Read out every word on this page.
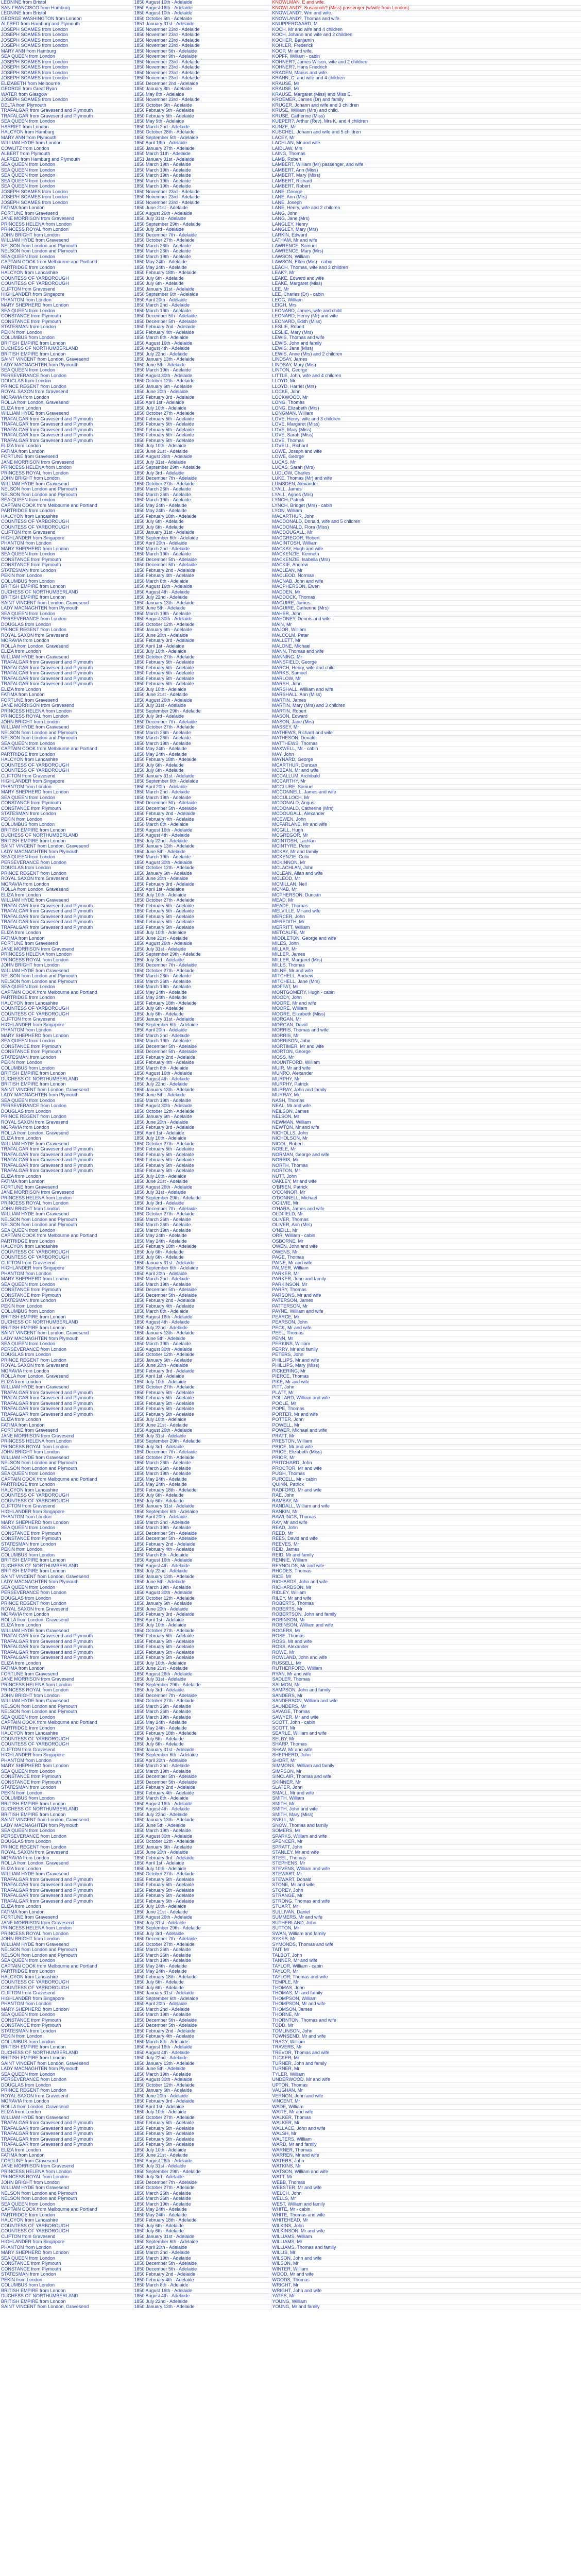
LEONINE from Bristol	1850 August 10th - Adelaide	KNOWLMAN, E and wife.
SAN FRANCISCO from Hamburg	1850 August 16th - Adelaide	KNOWLAND?, Susannah? (Miss) passenger (w/wife from London)
LEONINE from Bristol	1850 August 10th - Adelaide	KNOWLAND?, Wm and wife.
GEORGE WASHINGTON from London	1850 October 5th - Adelaide	KNOWLAND?, Thomas and wife.
ALFRED from Hamburg and Plymouth	1851 January 31st - Adelaide	KNUPPERGAARD, M.
JOSEPH SOAMES from London	1850 November 23rd - Adelaide	KOCH, Mr and wife and 4 children
JOSEPH SOAMES from London	1850 November 23rd - Adelaide	KOCH, Johann and wife and 2 children
JOSEPH SOAMES from London	1850 November 23rd - Adelaide	KOCHER, Benjamin
JOSEPH SOAMES from London	1850 November 23rd - Adelaide	KOHLER, Frederick
MARY ANN from Hamburg	1850 November 5th - Adelaide	KOOP, Mr and wife.
SEA QUEEN from London	1850 November 9th - Adelaide	KOPFF, William - cabin
JOSEPH SOAMES from London	1850 November 23rd - Adelaide	KOHNER?, James Wilson, wife and 2 children
JOSEPH SOAMES from London	1850 November 23rd - Adelaide	KOHNER?, Hans Friedrich
JOSEPH SOAMES from London	1850 November 23rd - Adelaide	KRAGEN, Marius and wife.
JOSEPH SOAMES from London	1850 November 23rd - Adelaide	KRAHN, C. and wife and 4 children
ELIZABETH from Melbourne	1850 December 2nd - Adelaide	KRAUSE, Mr
GEORGE from Great Ryan	1850 January 8th - Adelaide	KRAUSE, Mr
WATER from Glasgow	1850 May 8th - Adelaide	KRAUSE, Margaret (Miss) and Miss E.
JOSEPH SOAMES from London	1850 November 23rd - Adelaide	KROEMER, James (Dr) and family
DELTA from Plymouth	1850 October 5th - Adelaide	KRUGER, Johann and wife and 3 children
TRAFALGAR from Gravesend and Plymouth	1850 February 5th - Adelaide	KRUSE, William (Mrs) and child.
TRAFALGAR from Gravesend and Plymouth	1850 February 5th - Adelaide	KRUSE, Catherine (Miss)
SEA QUEEN from London	1850 May 9th - Adelaide	KUEPER?, Arthur (Rev), Mrs K. and 4 children
HARRIET from London	1850 March 2nd - Adelaide	KUNZE, Mr
HALCYON from Hamburg	1850 October 28th - Adelaide	KUSCHEL, Johann and wife and 5 children
MARY ANN from Plymouth	1850 September 5th - Adelaide	LACEY, Mr
WILLIAM HYDE from London	1850 April 19th - Adelaide	LACHLAN, Mr and wife.
COWLITZ from London	1850 January 27th - Adelaide	LAIDLAW, Mrs
ALBERT from Plymouth	1850 March 11th - Adelaide	LAING, Thomas
ALFRED from Hamburg and Plymouth	1851 January 31st - Adelaide	LAMB, Robert
SEA QUEEN from London	1850 March 19th - Adelaide	LAMBERT, William (Mr) passenger, and wife
SEA QUEEN from London	1850 March 19th - Adelaide	LAMBERT, Ann (Miss)
SEA QUEEN from London	1850 March 19th - Adelaide	LAMBERT, Mary (Miss)
SEA QUEEN from London	1850 March 19th - Adelaide	LAMBERT, Richard
SEA QUEEN from London	1850 March 19th - Adelaide	LAMBERT, Robert
JOSEPH SOAMES from London	1850 November 23rd - Adelaide	LANE, George
JOSEPH SOAMES from London	1850 November 23rd - Adelaide	LANE, Ann (Mrs)
JOSEPH SOAMES from London	1850 November 23rd - Adelaide	LANE, Joseph
FATIMA from London	1850 June 21st - Adelaide	LANE, Henry, wife and 2 children
FORTUNE from Gravesend	1850 August 26th - Adelaide	LANG, John
JANE MORRISON from Gravesend	1850 July 31st - Adelaide	LANG, Jane (Mrs)
PRINCESS HELENA from London	1850 September 29th - Adelaide	LANGLEY, Henry
PRINCESS ROYAL from London	1850 July 3rd - Adelaide	LANGLEY, Mary (Mrs)
JOHN BRIGHT from London	1850 December 7th - Adelaide	LARKIN, Edward
WILLIAM HYDE from Gravesend	1850 October 27th - Adelaide	LATHAM, Mr and wife
NELSON from London and Plymouth	1850 March 26th - Adelaide	LAWRENCE, Samuel
NELSON from London and Plymouth	1850 March 26th - Adelaide	LAWRENCE, Mary (Mrs)
SEA QUEEN from London	1850 March 19th - Adelaide	LAWSON, William
CAPTAIN COOK from Melbourne and Portland	1850 May 24th - Adelaide	LAWSON, Ellen (Mrs) - cabin
PARTRIDGE from London	1850 May 24th - Adelaide	LEACH, Thomas, wife and 3 children
HALCYON from Lancashire	1850 February 18th - Adelaide	LEAK?, Mr
COUNTESS OF YARBOROUGH	1850 July 6th - Adelaide	LEAKE, Edward and wife
COUNTESS OF YARBOROUGH	1850 July 6th - Adelaide	LEAKE, Margaret (Miss)
CLIFTON from Gravesend	1850 January 31st - Adelaide	LEE, Mr
HIGHLANDER from Singapore	1850 September 6th - Adelaide	LEE, Charles (Dr) - cabin
PHANTOM from London	1850 April 20th - Adelaide	LEGG, William
MARY SHEPHERD from London	1850 March 2nd - Adelaide	LEIGH, Mrs
SEA QUEEN from London	1850 March 19th - Adelaide	LEONARD, James, wife and child
CONSTANCE from Plymouth	1850 December 5th - Adelaide	LEONARD, Henry (Mr) and wife
CONSTANCE from Plymouth	1850 December 5th - Adelaide	LEONARD, Edith (Miss)
STATESMAN from London	1850 February 2nd - Adelaide	LESLIE, Robert
PEKIN from London	1850 February 4th - Adelaide	LESLIE, Mary (Mrs)
COLUMBUS from London	1850 March 8th - Adelaide	LEWIS, Thomas and wife
BRITISH EMPIRE from London	1850 August 16th - Adelaide	LEWIS, John and family
DUCHESS OF NORTHUMBERLAND	1850 August 4th - Adelaide	LEWIS, Jane (Miss)
BRITISH EMPIRE from London	1850 July 22nd - Adelaide	LEWIS, Anne (Mrs) and 2 children
SAINT VINCENT from London, Gravesend	1850 January 13th - Adelaide	LINDSAY, James
LADY MACNAGHTEN from Plymouth	1850 June 5th - Adelaide	LINDSAY, Mary (Mrs)
SEA QUEEN from London	1850 March 19th - Adelaide	LINTON, George
PERSEVERANCE from London	1850 August 30th - Adelaide	LITTLE, John, wife and 4 children
DOUGLAS from London	1850 October 12th - Adelaide	LLOYD, Mr
PRINCE REGENT from London	1850 January 6th - Adelaide	LLOYD, Harriet (Mrs)
ROYAL SAXON from Gravesend	1850 June 20th - Adelaide	LOCKE, John
MORAVIA from London	1850 February 3rd - Adelaide	LOCKWOOD, Mr
ROLLA from London, Gravesend	1850 April 1st - Adelaide	LONG, Thomas
ELIZA from London	1850 July 10th - Adelaide	LONG, Elizabeth (Mrs)
WILLIAM HYDE from Gravesend	1850 October 27th - Adelaide	LONGMAN, William
TRAFALGAR from Gravesend and Plymouth	1850 February 5th - Adelaide	LOVE, Henry, wife and 3 children
TRAFALGAR from Gravesend and Plymouth	1850 February 5th - Adelaide	LOVE, Margaret (Miss)
TRAFALGAR from Gravesend and Plymouth	1850 February 5th - Adelaide	LOVE, Mary (Miss)
TRAFALGAR from Gravesend and Plymouth	1850 February 5th - Adelaide	LOVE, Sarah (Miss)
TRAFALGAR from Gravesend and Plymouth	1850 February 5th - Adelaide	LOVE, Thomas
ELIZA from London	1850 July 10th - Adelaide	LOVELL, Richard
FATIMA from London	1850 June 21st - Adelaide	LOWE, Joseph and wife
FORTUNE from Gravesend	1850 August 26th - Adelaide	LOWE, George
JANE MORRISON from Gravesend	1850 July 31st - Adelaide	LUCAS, Mr
PRINCESS HELENA from London	1850 September 29th - Adelaide	LUCAS, Sarah (Mrs)
PRINCESS ROYAL from London	1850 July 3rd - Adelaide	LUDLOW, Charles
JOHN BRIGHT from London	1850 December 7th - Adelaide	LUKE, Thomas (Mr) and wife
WILLIAM HYDE from Gravesend	1850 October 27th - Adelaide	LUMSDEN, Alexander
NELSON from London and Plymouth	1850 March 26th - Adelaide	LYALL, James
NELSON from London and Plymouth	1850 March 26th - Adelaide	LYALL, Agnes (Mrs)
SEA QUEEN from London	1850 March 19th - Adelaide	LYNCH, Patrick
CAPTAIN COOK from Melbourne and Portland	1850 May 24th - Adelaide	LYNCH, Bridget (Mrs) - cabin
PARTRIDGE from London	1850 May 24th - Adelaide	LYON, William
HALCYON from Lancashire	1850 February 18th - Adelaide	MACARTHUR, John
COUNTESS OF YARBOROUGH	1850 July 6th - Adelaide	MACDONALD, Donald, wife and 5 children
COUNTESS OF YARBOROUGH	1850 July 6th - Adelaide	MACDONALD, Flora (Miss)
CLIFTON from Gravesend	1850 January 31st - Adelaide	MACDOUGALL, Mr
HIGHLANDER from Singapore	1850 September 6th - Adelaide	MACGREGOR, Robert
PHANTOM from London	1850 April 20th - Adelaide	MACINTOSH, William
MARY SHEPHERD from London	1850 March 2nd - Adelaide	MACKAY, Hugh and wife
SEA QUEEN from London	1850 March 19th - Adelaide	MACKENZIE, Kenneth
CONSTANCE from Plymouth	1850 December 5th - Adelaide	MACKENZIE, Isabella (Mrs)
CONSTANCE from Plymouth	1850 December 5th - Adelaide	MACKIE, Andrew
STATESMAN from London	1850 February 2nd - Adelaide	MACLEAN, Mr
PEKIN from London	1850 February 4th - Adelaide	MACLEOD, Norman
COLUMBUS from London	1850 March 8th - Adelaide	MACNAB, John and wife
BRITISH EMPIRE from London	1850 August 16th - Adelaide	MACPHERSON, Ewen
DUCHESS OF NORTHUMBERLAND	1850 August 4th - Adelaide	MADDEN, Mr
BRITISH EMPIRE from London	1850 July 22nd - Adelaide	MADDOCK, Thomas
SAINT VINCENT from London, Gravesend	1850 January 13th - Adelaide	MAGUIRE, James
LADY MACNAGHTEN from Plymouth	1850 June 5th - Adelaide	MAGUIRE, Catherine (Mrs)
SEA QUEEN from London	1850 March 19th - Adelaide	MAHER, John
PERSEVERANCE from London	1850 August 30th - Adelaide	MAHONEY, Dennis and wife
DOUGLAS from London	1850 October 12th - Adelaide	MAIN, Mr
PRINCE REGENT from London	1850 January 6th - Adelaide	MAJOR, William
ROYAL SAXON from Gravesend	1850 June 20th - Adelaide	MALCOLM, Peter
MORAVIA from London	1850 February 3rd - Adelaide	MALLETT, Mr
ROLLA from London, Gravesend	1850 April 1st - Adelaide	MALONE, Michael
ELIZA from London	1850 July 10th - Adelaide	MANN, Thomas and wife
WILLIAM HYDE from Gravesend	1850 October 27th - Adelaide	MANNING, Mr
TRAFALGAR from Gravesend and Plymouth	1850 February 5th - Adelaide	MANSFIELD, George
TRAFALGAR from Gravesend and Plymouth	1850 February 5th - Adelaide	MARCH, Henry, wife and child
TRAFALGAR from Gravesend and Plymouth	1850 February 5th - Adelaide	MARKS, Samuel
TRAFALGAR from Gravesend and Plymouth	1850 February 5th - Adelaide	MARLOW, Mr
TRAFALGAR from Gravesend and Plymouth	1850 February 5th - Adelaide	MARSH, John
ELIZA from London	1850 July 10th - Adelaide	MARSHALL, William and wife
FATIMA from London	1850 June 21st - Adelaide	MARSHALL, Ann (Miss)
FORTUNE from Gravesend	1850 August 26th - Adelaide	MARTIN, James
JANE MORRISON from Gravesend	1850 July 31st - Adelaide	MARTIN, Mary (Mrs) and 3 children
PRINCESS HELENA from London	1850 September 29th - Adelaide	MARTIN, Robert
PRINCESS ROYAL from London	1850 July 3rd - Adelaide	MASON, Edward
JOHN BRIGHT from London	1850 December 7th - Adelaide	MASON, Jane (Mrs)
WILLIAM HYDE from Gravesend	1850 October 27th - Adelaide	MASSEY, Mr
NELSON from London and Plymouth	1850 March 26th - Adelaide	MATHEWS, Richard and wife
NELSON from London and Plymouth	1850 March 26th - Adelaide	MATHESON, Donald
SEA QUEEN from London	1850 March 19th - Adelaide	MATTHEWS, Thomas
CAPTAIN COOK from Melbourne and Portland	1850 May 24th - Adelaide	MAXWELL, Mr - cabin
PARTRIDGE from London	1850 May 24th - Adelaide	MAY, John
HALCYON from Lancashire	1850 February 18th - Adelaide	MAYNARD, George
COUNTESS OF YARBOROUGH	1850 July 6th - Adelaide	MCARTHUR, Duncan
COUNTESS OF YARBOROUGH	1850 July 6th - Adelaide	MCBEAN, Mr and wife
CLIFTON from Gravesend	1850 January 31st - Adelaide	MCCALLUM, Archibald
HIGHLANDER from Singapore	1850 September 6th - Adelaide	MCCARTHY, Mr
PHANTOM from London	1850 April 20th - Adelaide	MCCLURE, Samuel
MARY SHEPHERD from London	1850 March 2nd - Adelaide	MCCONNELL, James and wife
SEA QUEEN from London	1850 March 19th - Adelaide	MCCULLOCH, Mr
CONSTANCE from Plymouth	1850 December 5th - Adelaide	MCDONALD, Angus
CONSTANCE from Plymouth	1850 December 5th - Adelaide	MCDONALD, Catherine (Mrs)
STATESMAN from London	1850 February 2nd - Adelaide	MCDOUGALL, Alexander
PEKIN from London	1850 February 4th - Adelaide	MCEWEN, John
COLUMBUS from London	1850 March 8th - Adelaide	MCFARLANE, Mr and wife
BRITISH EMPIRE from London	1850 August 16th - Adelaide	MCGILL, Hugh
DUCHESS OF NORTHUMBERLAND	1850 August 4th - Adelaide	MCGREGOR, Mr
BRITISH EMPIRE from London	1850 July 22nd - Adelaide	MCINTOSH, Lachlan
SAINT VINCENT from London, Gravesend	1850 January 13th - Adelaide	MCINTYRE, Peter
LADY MACNAGHTEN from Plymouth	1850 June 5th - Adelaide	MCKAY, Mr and family
SEA QUEEN from London	1850 March 19th - Adelaide	MCKENZIE, Colin
PERSEVERANCE from London	1850 August 30th - Adelaide	MCKINNON, Mr
DOUGLAS from London	1850 October 12th - Adelaide	MCLACHLAN, John
PRINCE REGENT from London	1850 January 6th - Adelaide	MCLEAN, Allan and wife
ROYAL SAXON from Gravesend	1850 June 20th - Adelaide	MCLEOD, Mr
MORAVIA from London	1850 February 3rd - Adelaide	MCMILLAN, Neil
ROLLA from London, Gravesend	1850 April 1st - Adelaide	MCNAB, Mr
ELIZA from London	1850 July 10th - Adelaide	MCPHERSON, Duncan
WILLIAM HYDE from Gravesend	1850 October 27th - Adelaide	MEAD, Mr
TRAFALGAR from Gravesend and Plymouth	1850 February 5th - Adelaide	MEADE, Thomas
TRAFALGAR from Gravesend and Plymouth	1850 February 5th - Adelaide	MELVILLE, Mr and wife
TRAFALGAR from Gravesend and Plymouth	1850 February 5th - Adelaide	MERCER, John
TRAFALGAR from Gravesend and Plymouth	1850 February 5th - Adelaide	MEREDITH, Mr
TRAFALGAR from Gravesend and Plymouth	1850 February 5th - Adelaide	MERRITT, William
ELIZA from London	1850 July 10th - Adelaide	METCALFE, Mr
FATIMA from London	1850 June 21st - Adelaide	MIDDLETON, George and wife
FORTUNE from Gravesend	1850 August 26th - Adelaide	MILES, John
JANE MORRISON from Gravesend	1850 July 31st - Adelaide	MILLAR, Mr
PRINCESS HELENA from London	1850 September 29th - Adelaide	MILLER, James
PRINCESS ROYAL from London	1850 July 3rd - Adelaide	MILLER, Margaret (Mrs)
JOHN BRIGHT from London	1850 December 7th - Adelaide	MILLS, Thomas
WILLIAM HYDE from Gravesend	1850 October 27th - Adelaide	MILNE, Mr and wife
NELSON from London and Plymouth	1850 March 26th - Adelaide	MITCHELL, Andrew
NELSON from London and Plymouth	1850 March 26th - Adelaide	MITCHELL, Jane (Mrs)
SEA QUEEN from London	1850 March 19th - Adelaide	MOFFAT, Mr
CAPTAIN COOK from Melbourne and Portland	1850 May 24th - Adelaide	MONTGOMERY, Hugh - cabin
PARTRIDGE from London	1850 May 24th - Adelaide	MOODY, John
HALCYON from Lancashire	1850 February 18th - Adelaide	MOORE, Mr and wife
COUNTESS OF YARBOROUGH	1850 July 6th - Adelaide	MOORE, William
COUNTESS OF YARBOROUGH	1850 July 6th - Adelaide	MOORE, Elizabeth (Miss)
CLIFTON from Gravesend	1850 January 31st - Adelaide	MORGAN, Mr
HIGHLANDER from Singapore	1850 September 6th - Adelaide	MORGAN, David
PHANTOM from London	1850 April 20th - Adelaide	MORRIS, Thomas and wife
MARY SHEPHERD from London	1850 March 2nd - Adelaide	MORRIS, Mr
SEA QUEEN from London	1850 March 19th - Adelaide	MORRISON, John
CONSTANCE from Plymouth	1850 December 5th - Adelaide	MORTIMER, Mr and wife
CONSTANCE from Plymouth	1850 December 5th - Adelaide	MORTON, George
STATESMAN from London	1850 February 2nd - Adelaide	MOSS, Mr
PEKIN from London	1850 February 4th - Adelaide	MOUNTFORD, William
COLUMBUS from London	1850 March 8th - Adelaide	MUIR, Mr and wife
BRITISH EMPIRE from London	1850 August 16th - Adelaide	MUNRO, Alexander
DUCHESS OF NORTHUMBERLAND	1850 August 4th - Adelaide	MURPHY, Mr
BRITISH EMPIRE from London	1850 July 22nd - Adelaide	MURPHY, Patrick
SAINT VINCENT from London, Gravesend	1850 January 13th - Adelaide	MURRAY, John and family
LADY MACNAGHTEN from Plymouth	1850 June 5th - Adelaide	MURRAY, Mr
SEA QUEEN from London	1850 March 19th - Adelaide	NASH, Thomas
PERSEVERANCE from London	1850 August 30th - Adelaide	NEAL, Mr and wife
DOUGLAS from London	1850 October 12th - Adelaide	NEILSON, James
PRINCE REGENT from London	1850 January 6th - Adelaide	NELSON, Mr
ROYAL SAXON from Gravesend	1850 June 20th - Adelaide	NEWMAN, William
MORAVIA from London	1850 February 3rd - Adelaide	NEWTON, Mr and wife
ROLLA from London, Gravesend	1850 April 1st - Adelaide	NICHOLLS, John
ELIZA from London	1850 July 10th - Adelaide	NICHOLSON, Mr
WILLIAM HYDE from Gravesend	1850 October 27th - Adelaide	NICOL, Robert
TRAFALGAR from Gravesend and Plymouth	1850 February 5th - Adelaide	NOBLE, Mr
TRAFALGAR from Gravesend and Plymouth	1850 February 5th - Adelaide	NORMAN, George and wife
TRAFALGAR from Gravesend and Plymouth	1850 February 5th - Adelaide	NORRIS, Mr
TRAFALGAR from Gravesend and Plymouth	1850 February 5th - Adelaide	NORTH, Thomas
TRAFALGAR from Gravesend and Plymouth	1850 February 5th - Adelaide	NORTON, Mr
ELIZA from London	1850 July 10th - Adelaide	NUTT, John
FATIMA from London	1850 June 21st - Adelaide	OAKLEY, Mr and wife
FORTUNE from Gravesend	1850 August 26th - Adelaide	O'BRIEN, Patrick
JANE MORRISON from Gravesend	1850 July 31st - Adelaide	O'CONNOR, Mr
PRINCESS HELENA from London	1850 September 29th - Adelaide	O'DONNELL, Michael
PRINCESS ROYAL from London	1850 July 3rd - Adelaide	OGILVIE, Mr
JOHN BRIGHT from London	1850 December 7th - Adelaide	O'HARA, James and wife
WILLIAM HYDE from Gravesend	1850 October 27th - Adelaide	OLDFIELD, Mr
NELSON from London and Plymouth	1850 March 26th - Adelaide	OLIVER, Thomas
NELSON from London and Plymouth	1850 March 26th - Adelaide	OLIVER, Ann (Mrs)
SEA QUEEN from London	1850 March 19th - Adelaide	O'NEILL, Mr
CAPTAIN COOK from Melbourne and Portland	1850 May 24th - Adelaide	ORR, William - cabin
PARTRIDGE from London	1850 May 24th - Adelaide	OSBORNE, Mr
HALCYON from Lancashire	1850 February 18th - Adelaide	OWEN, John and wife
COUNTESS OF YARBOROUGH	1850 July 6th - Adelaide	OWENS, Mr
COUNTESS OF YARBOROUGH	1850 July 6th - Adelaide	PAGE, Thomas
CLIFTON from Gravesend	1850 January 31st - Adelaide	PAINE, Mr and wife
HIGHLANDER from Singapore	1850 September 6th - Adelaide	PALMER, William
PHANTOM from London	1850 April 20th - Adelaide	PARKER, Mr
MARY SHEPHERD from London	1850 March 2nd - Adelaide	PARKER, John and family
SEA QUEEN from London	1850 March 19th - Adelaide	PARKINSON, Mr
CONSTANCE from Plymouth	1850 December 5th - Adelaide	PARRY, Thomas
CONSTANCE from Plymouth	1850 December 5th - Adelaide	PARSONS, Mr and wife
STATESMAN from London	1850 February 2nd - Adelaide	PATERSON, James
PEKIN from London	1850 February 4th - Adelaide	PATTERSON, Mr
COLUMBUS from London	1850 March 8th - Adelaide	PAYNE, William and wife
BRITISH EMPIRE from London	1850 August 16th - Adelaide	PEARCE, Mr
DUCHESS OF NORTHUMBERLAND	1850 August 4th - Adelaide	PEARSON, John
BRITISH EMPIRE from London	1850 July 22nd - Adelaide	PECK, Mr and wife
SAINT VINCENT from London, Gravesend	1850 January 13th - Adelaide	PEEL, Thomas
LADY MACNAGHTEN from Plymouth	1850 June 5th - Adelaide	PENN, Mr
SEA QUEEN from London	1850 March 19th - Adelaide	PERKINS, William
PERSEVERANCE from London	1850 August 30th - Adelaide	PERRY, Mr and family
DOUGLAS from London	1850 October 12th - Adelaide	PETERS, John
PRINCE REGENT from London	1850 January 6th - Adelaide	PHILLIPS, Mr and wife
ROYAL SAXON from Gravesend	1850 June 20th - Adelaide	PHILLIPS, Mary (Miss)
MORAVIA from London	1850 February 3rd - Adelaide	PICKERING, Mr
ROLLA from London, Gravesend	1850 April 1st - Adelaide	PIERCE, Thomas
ELIZA from London	1850 July 10th - Adelaide	PIKE, Mr and wife
WILLIAM HYDE from Gravesend	1850 October 27th - Adelaide	PITT, John
TRAFALGAR from Gravesend and Plymouth	1850 February 5th - Adelaide	PLATT, Mr
TRAFALGAR from Gravesend and Plymouth	1850 February 5th - Adelaide	POLLARD, William and wife
TRAFALGAR from Gravesend and Plymouth	1850 February 5th - Adelaide	POOLE, Mr
TRAFALGAR from Gravesend and Plymouth	1850 February 5th - Adelaide	POPE, Thomas
TRAFALGAR from Gravesend and Plymouth	1850 February 5th - Adelaide	PORTER, Mr and wife
ELIZA from London	1850 July 10th - Adelaide	POTTER, John
FATIMA from London	1850 June 21st - Adelaide	POWELL, Mr
FORTUNE from Gravesend	1850 August 26th - Adelaide	POWER, Michael and wife
JANE MORRISON from Gravesend	1850 July 31st - Adelaide	PRATT, Mr
PRINCESS HELENA from London	1850 September 29th - Adelaide	PRESTON, William
PRINCESS ROYAL from London	1850 July 3rd - Adelaide	PRICE, Mr and wife
JOHN BRIGHT from London	1850 December 7th - Adelaide	PRICE, Elizabeth (Miss)
WILLIAM HYDE from Gravesend	1850 October 27th - Adelaide	PRIOR, Mr
NELSON from London and Plymouth	1850 March 26th - Adelaide	PRITCHARD, John
NELSON from London and Plymouth	1850 March 26th - Adelaide	PROCTOR, Mr and wife
SEA QUEEN from London	1850 March 19th - Adelaide	PUGH, Thomas
CAPTAIN COOK from Melbourne and Portland	1850 May 24th - Adelaide	PURCELL, Mr - cabin
PARTRIDGE from London	1850 May 24th - Adelaide	QUINN, Patrick
HALCYON from Lancashire	1850 February 18th - Adelaide	RADFORD, Mr and wife
COUNTESS OF YARBOROUGH	1850 July 6th - Adelaide	RAE, John
COUNTESS OF YARBOROUGH	1850 July 6th - Adelaide	RAMSAY, Mr
CLIFTON from Gravesend	1850 January 31st - Adelaide	RANDALL, William and wife
HIGHLANDER from Singapore	1850 September 6th - Adelaide	RANKIN, Mr
PHANTOM from London	1850 April 20th - Adelaide	RAWLINGS, Thomas
MARY SHEPHERD from London	1850 March 2nd - Adelaide	RAY, Mr and wife
SEA QUEEN from London	1850 March 19th - Adelaide	READ, John
CONSTANCE from Plymouth	1850 December 5th - Adelaide	REED, Mr
CONSTANCE from Plymouth	1850 December 5th - Adelaide	REES, David and wife
STATESMAN from London	1850 February 2nd - Adelaide	REEVES, Mr
PEKIN from London	1850 February 4th - Adelaide	REID, James
COLUMBUS from London	1850 March 8th - Adelaide	REID, Mr and family
BRITISH EMPIRE from London	1850 August 16th - Adelaide	RENNIE, William
DUCHESS OF NORTHUMBERLAND	1850 August 4th - Adelaide	REYNOLDS, Mr and wife
BRITISH EMPIRE from London	1850 July 22nd - Adelaide	RHODES, Thomas
SAINT VINCENT from London, Gravesend	1850 January 13th - Adelaide	RICE, Mr
LADY MACNAGHTEN from Plymouth	1850 June 5th - Adelaide	RICHARDS, John and wife
SEA QUEEN from London	1850 March 19th - Adelaide	RICHARDSON, Mr
PERSEVERANCE from London	1850 August 30th - Adelaide	RIDLEY, William
DOUGLAS from London	1850 October 12th - Adelaide	RILEY, Mr and wife
PRINCE REGENT from London	1850 January 6th - Adelaide	ROBERTS, Thomas
ROYAL SAXON from Gravesend	1850 June 20th - Adelaide	ROBERTS, Mr
MORAVIA from London	1850 February 3rd - Adelaide	ROBERTSON, John and family
ROLLA from London, Gravesend	1850 April 1st - Adelaide	ROBINSON, Mr
ELIZA from London	1850 July 10th - Adelaide	ROBINSON, William and wife
WILLIAM HYDE from Gravesend	1850 October 27th - Adelaide	ROGERS, Mr
TRAFALGAR from Gravesend and Plymouth	1850 February 5th - Adelaide	ROSE, Thomas
TRAFALGAR from Gravesend and Plymouth	1850 February 5th - Adelaide	ROSS, Mr and wife
TRAFALGAR from Gravesend and Plymouth	1850 February 5th - Adelaide	ROSS, Alexander
TRAFALGAR from Gravesend and Plymouth	1850 February 5th - Adelaide	ROWE, Mr
TRAFALGAR from Gravesend and Plymouth	1850 February 5th - Adelaide	ROWLAND, John and wife
ELIZA from London	1850 July 10th - Adelaide	RUSSELL, Mr
FATIMA from London	1850 June 21st - Adelaide	RUTHERFORD, William
FORTUNE from Gravesend	1850 August 26th - Adelaide	RYAN, Mr and wife
JANE MORRISON from Gravesend	1850 July 31st - Adelaide	SADLER, Thomas
PRINCESS HELENA from London	1850 September 29th - Adelaide	SALMON, Mr
PRINCESS ROYAL from London	1850 July 3rd - Adelaide	SAMPSON, John and family
JOHN BRIGHT from London	1850 December 7th - Adelaide	SANDERS, Mr
WILLIAM HYDE from Gravesend	1850 October 27th - Adelaide	SANDERSON, William and wife
NELSON from London and Plymouth	1850 March 26th - Adelaide	SAUNDERS, Mr
NELSON from London and Plymouth	1850 March 26th - Adelaide	SAVAGE, Thomas
SEA QUEEN from London	1850 March 19th - Adelaide	SAWYER, Mr and wife
CAPTAIN COOK from Melbourne and Portland	1850 May 24th - Adelaide	SCOTT, John - cabin
PARTRIDGE from London	1850 May 24th - Adelaide	SCOTT, Mr
HALCYON from Lancashire	1850 February 18th - Adelaide	SEARLE, William and wife
COUNTESS OF YARBOROUGH	1850 July 6th - Adelaide	SELBY, Mr
COUNTESS OF YARBOROUGH	1850 July 6th - Adelaide	SHARP, Thomas
CLIFTON from Gravesend	1850 January 31st - Adelaide	SHAW, Mr and wife
HIGHLANDER from Singapore	1850 September 6th - Adelaide	SHEPHERD, John
PHANTOM from London	1850 April 20th - Adelaide	SHORT, Mr
MARY SHEPHERD from London	1850 March 2nd - Adelaide	SIMMONS, William and family
SEA QUEEN from London	1850 March 19th - Adelaide	SIMPSON, Mr
CONSTANCE from Plymouth	1850 December 5th - Adelaide	SINCLAIR, Thomas and wife
CONSTANCE from Plymouth	1850 December 5th - Adelaide	SKINNER, Mr
STATESMAN from London	1850 February 2nd - Adelaide	SLATER, John
PEKIN from London	1850 February 4th - Adelaide	SMALL, Mr and wife
COLUMBUS from London	1850 March 8th - Adelaide	SMITH, William
BRITISH EMPIRE from London	1850 August 16th - Adelaide	SMITH, Mr
DUCHESS OF NORTHUMBERLAND	1850 August 4th - Adelaide	SMITH, John and wife
BRITISH EMPIRE from London	1850 July 22nd - Adelaide	SMITH, Mary (Miss)
SAINT VINCENT from London, Gravesend	1850 January 13th - Adelaide	SNELL, Mr
LADY MACNAGHTEN from Plymouth	1850 June 5th - Adelaide	SNOW, Thomas and family
SEA QUEEN from London	1850 March 19th - Adelaide	SOMERS, Mr
PERSEVERANCE from London	1850 August 30th - Adelaide	SPARKS, William and wife
DOUGLAS from London	1850 October 12th - Adelaide	SPENCER, Mr
PRINCE REGENT from London	1850 January 6th - Adelaide	SPRATT, John
ROYAL SAXON from Gravesend	1850 June 20th - Adelaide	STANLEY, Mr and wife
MORAVIA from London	1850 February 3rd - Adelaide	STEEL, Thomas
ROLLA from London, Gravesend	1850 April 1st - Adelaide	STEPHENS, Mr
ELIZA from London	1850 July 10th - Adelaide	STEVENS, William and wife
WILLIAM HYDE from Gravesend	1850 October 27th - Adelaide	STEWART, Mr
TRAFALGAR from Gravesend and Plymouth	1850 February 5th - Adelaide	STEWART, Donald
TRAFALGAR from Gravesend and Plymouth	1850 February 5th - Adelaide	STONE, Mr and wife
TRAFALGAR from Gravesend and Plymouth	1850 February 5th - Adelaide	STOREY, John
TRAFALGAR from Gravesend and Plymouth	1850 February 5th - Adelaide	STRANGE, Mr
TRAFALGAR from Gravesend and Plymouth	1850 February 5th - Adelaide	STRONG, Thomas and wife
ELIZA from London	1850 July 10th - Adelaide	STUART, Mr
FATIMA from London	1850 June 21st - Adelaide	SULLIVAN, Daniel
FORTUNE from Gravesend	1850 August 26th - Adelaide	SUMMERS, Mr and wife
JANE MORRISON from Gravesend	1850 July 31st - Adelaide	SUTHERLAND, John
PRINCESS HELENA from London	1850 September 29th - Adelaide	SUTTON, Mr
PRINCESS ROYAL from London	1850 July 3rd - Adelaide	SWAN, William and family
JOHN BRIGHT from London	1850 December 7th - Adelaide	SYKES, Mr
WILLIAM HYDE from Gravesend	1850 October 27th - Adelaide	SYMONDS, Thomas and wife
NELSON from London and Plymouth	1850 March 26th - Adelaide	TAIT, Mr
NELSON from London and Plymouth	1850 March 26th - Adelaide	TALBOT, John
SEA QUEEN from London	1850 March 19th - Adelaide	TANNER, Mr and wife
CAPTAIN COOK from Melbourne and Portland	1850 May 24th - Adelaide	TAYLOR, William - cabin
PARTRIDGE from London	1850 May 24th - Adelaide	TAYLOR, Mr
HALCYON from Lancashire	1850 February 18th - Adelaide	TAYLOR, Thomas and wife
COUNTESS OF YARBOROUGH	1850 July 6th - Adelaide	TEMPLE, Mr
COUNTESS OF YARBOROUGH	1850 July 6th - Adelaide	THOMAS, John
CLIFTON from Gravesend	1850 January 31st - Adelaide	THOMAS, Mr and family
HIGHLANDER from Singapore	1850 September 6th - Adelaide	THOMPSON, William
PHANTOM from London	1850 April 20th - Adelaide	THOMPSON, Mr and wife
MARY SHEPHERD from London	1850 March 2nd - Adelaide	THOMSON, James
SEA QUEEN from London	1850 March 19th - Adelaide	THORNE, Mr
CONSTANCE from Plymouth	1850 December 5th - Adelaide	THORNTON, Thomas and wife
CONSTANCE from Plymouth	1850 December 5th - Adelaide	TODD, Mr
STATESMAN from London	1850 February 2nd - Adelaide	TOMLINSON, John
PEKIN from London	1850 February 4th - Adelaide	TOWNSEND, Mr and wife
COLUMBUS from London	1850 March 8th - Adelaide	TRACY, William
BRITISH EMPIRE from London	1850 August 16th - Adelaide	TRAVERS, Mr
DUCHESS OF NORTHUMBERLAND	1850 August 4th - Adelaide	TREVOR, Thomas and wife
BRITISH EMPIRE from London	1850 July 22nd - Adelaide	TUCKER, Mr
SAINT VINCENT from London, Gravesend	1850 January 13th - Adelaide	TURNER, John and family
LADY MACNAGHTEN from Plymouth	1850 June 5th - Adelaide	TURNER, Mr
SEA QUEEN from London	1850 March 19th - Adelaide	TYLER, William
PERSEVERANCE from London	1850 August 30th - Adelaide	UNDERWOOD, Mr and wife
DOUGLAS from London	1850 October 12th - Adelaide	UPTON, Thomas
PRINCE REGENT from London	1850 January 6th - Adelaide	VAUGHAN, Mr
ROYAL SAXON from Gravesend	1850 June 20th - Adelaide	VERNON, John and wife
MORAVIA from London	1850 February 3rd - Adelaide	VINCENT, Mr
ROLLA from London, Gravesend	1850 April 1st - Adelaide	WADE, William
ELIZA from London	1850 July 10th - Adelaide	WAITE, Mr and wife
WILLIAM HYDE from Gravesend	1850 October 27th - Adelaide	WALKER, Thomas
TRAFALGAR from Gravesend and Plymouth	1850 February 5th - Adelaide	WALKER, Mr
TRAFALGAR from Gravesend and Plymouth	1850 February 5th - Adelaide	WALLACE, John and wife
TRAFALGAR from Gravesend and Plymouth	1850 February 5th - Adelaide	WALSH, Mr
TRAFALGAR from Gravesend and Plymouth	1850 February 5th - Adelaide	WALTERS, William
TRAFALGAR from Gravesend and Plymouth	1850 February 5th - Adelaide	WARD, Mr and family
ELIZA from London	1850 July 10th - Adelaide	WARNER, Thomas
FATIMA from London	1850 June 21st - Adelaide	WARREN, Mr and wife
FORTUNE from Gravesend	1850 August 26th - Adelaide	WATERS, John
JANE MORRISON from Gravesend	1850 July 31st - Adelaide	WATKINS, Mr
PRINCESS HELENA from London	1850 September 29th - Adelaide	WATSON, William and wife
PRINCESS ROYAL from London	1850 July 3rd - Adelaide	WATT, Mr
JOHN BRIGHT from London	1850 December 7th - Adelaide	WEBB, Thomas
WILLIAM HYDE from Gravesend	1850 October 27th - Adelaide	WEBSTER, Mr and wife
NELSON from London and Plymouth	1850 March 26th - Adelaide	WELCH, John
NELSON from London and Plymouth	1850 March 26th - Adelaide	WELLS, Mr
SEA QUEEN from London	1850 March 19th - Adelaide	WEST, William and family
CAPTAIN COOK from Melbourne and Portland	1850 May 24th - Adelaide	WHITE, Mr - cabin
PARTRIDGE from London	1850 May 24th - Adelaide	WHITE, Thomas and wife
HALCYON from Lancashire	1850 February 18th - Adelaide	WHITEHEAD, Mr
COUNTESS OF YARBOROUGH	1850 July 6th - Adelaide	WILKINS, John
COUNTESS OF YARBOROUGH	1850 July 6th - Adelaide	WILKINSON, Mr and wife
CLIFTON from Gravesend	1850 January 31st - Adelaide	WILLIAMS, William
HIGHLANDER from Singapore	1850 September 6th - Adelaide	WILLIAMS, Mr
PHANTOM from London	1850 April 20th - Adelaide	WILLIAMS, Thomas and family
MARY SHEPHERD from London	1850 March 2nd - Adelaide	WILLIS, Mr
SEA QUEEN from London	1850 March 19th - Adelaide	WILSON, John and wife
CONSTANCE from Plymouth	1850 December 5th - Adelaide	WILSON, Mr
CONSTANCE from Plymouth	1850 December 5th - Adelaide	WINTER, William
STATESMAN from London	1850 February 2nd - Adelaide	WOOD, Mr and wife
PEKIN from London	1850 February 4th - Adelaide	WOODS, Thomas
COLUMBUS from London	1850 March 8th - Adelaide	WRIGHT, Mr
BRITISH EMPIRE from London	1850 August 16th - Adelaide	WRIGHT, John and wife
DUCHESS OF NORTHUMBERLAND	1850 August 4th - Adelaide	YATES, Mr
BRITISH EMPIRE from London	1850 July 22nd - Adelaide	YOUNG, William
SAINT VINCENT from London, Gravesend	1850 January 13th - Adelaide	YOUNG, Mr and family
